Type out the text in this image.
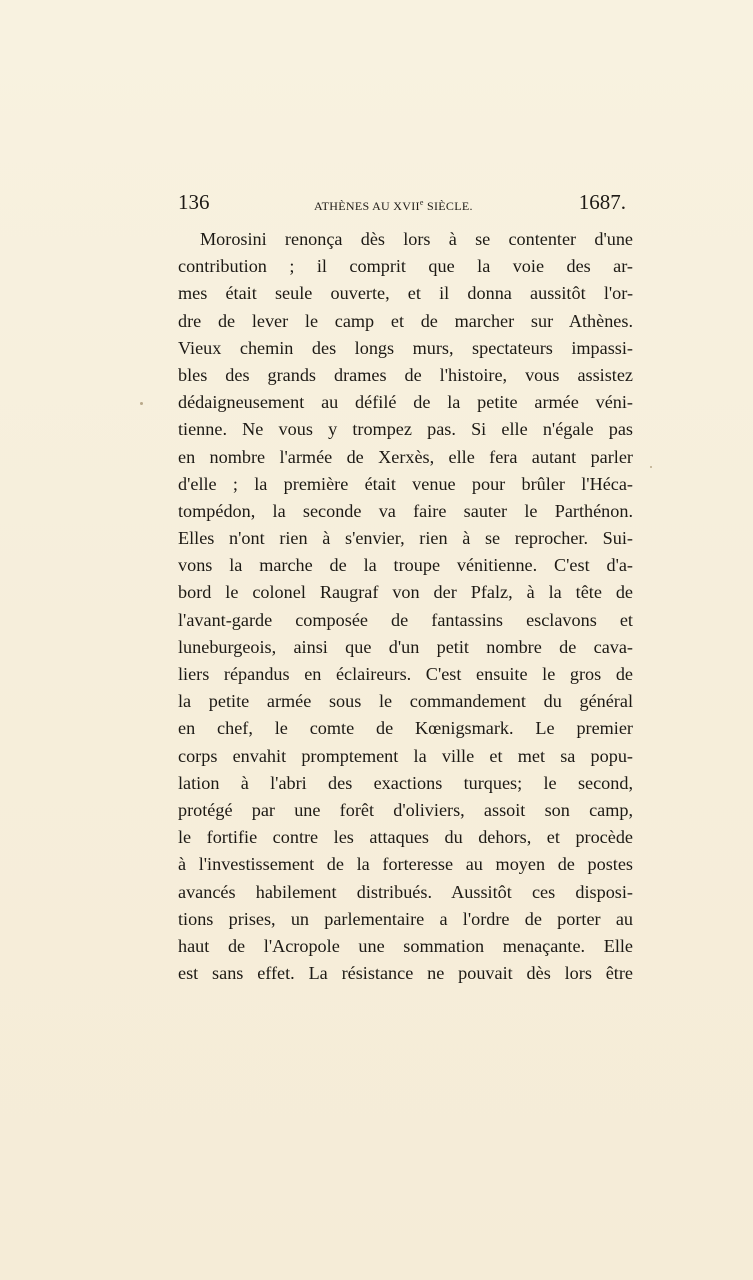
136	ATHÈNES AU XVIIe SIÈCLE.	1687.
Morosini renonça dès lors à se contenter d'une
contribution ; il comprit que la voie des ar-
mes était seule ouverte, et il donna aussitôt l'or-
dre de lever le camp et de marcher sur Athènes.
Vieux chemin des longs murs, spectateurs impassi-
bles des grands drames de l'histoire, vous assistez
dédaigneusement au défilé de la petite armée véni-
tienne. Ne vous y trompez pas. Si elle n'égale pas
en nombre l'armée de Xerxès, elle fera autant parler
d'elle ; la première était venue pour brûler l'Héca-
tompédon, la seconde va faire sauter le Parthénon.
Elles n'ont rien à s'envier, rien à se reprocher. Sui-
vons la marche de la troupe vénitienne. C'est d'a-
bord le colonel Raugraf von der Pfalz, à la tête de
l'avant-garde composée de fantassins esclavons et
luneburgeois, ainsi que d'un petit nombre de cava-
liers répandus en éclaireurs. C'est ensuite le gros de
la petite armée sous le commandement du général
en chef, le comte de Kœnigsmark. Le premier
corps envahit promptement la ville et met sa popu-
lation à l'abri des exactions turques; le second,
protégé par une forêt d'oliviers, assoit son camp,
le fortifie contre les attaques du dehors, et procède
à l'investissement de la forteresse au moyen de postes
avancés habilement distribués. Aussitôt ces disposi-
tions prises, un parlementaire a l'ordre de porter au
haut de l'Acropole une sommation menaçante. Elle
est sans effet. La résistance ne pouvait dès lors être
